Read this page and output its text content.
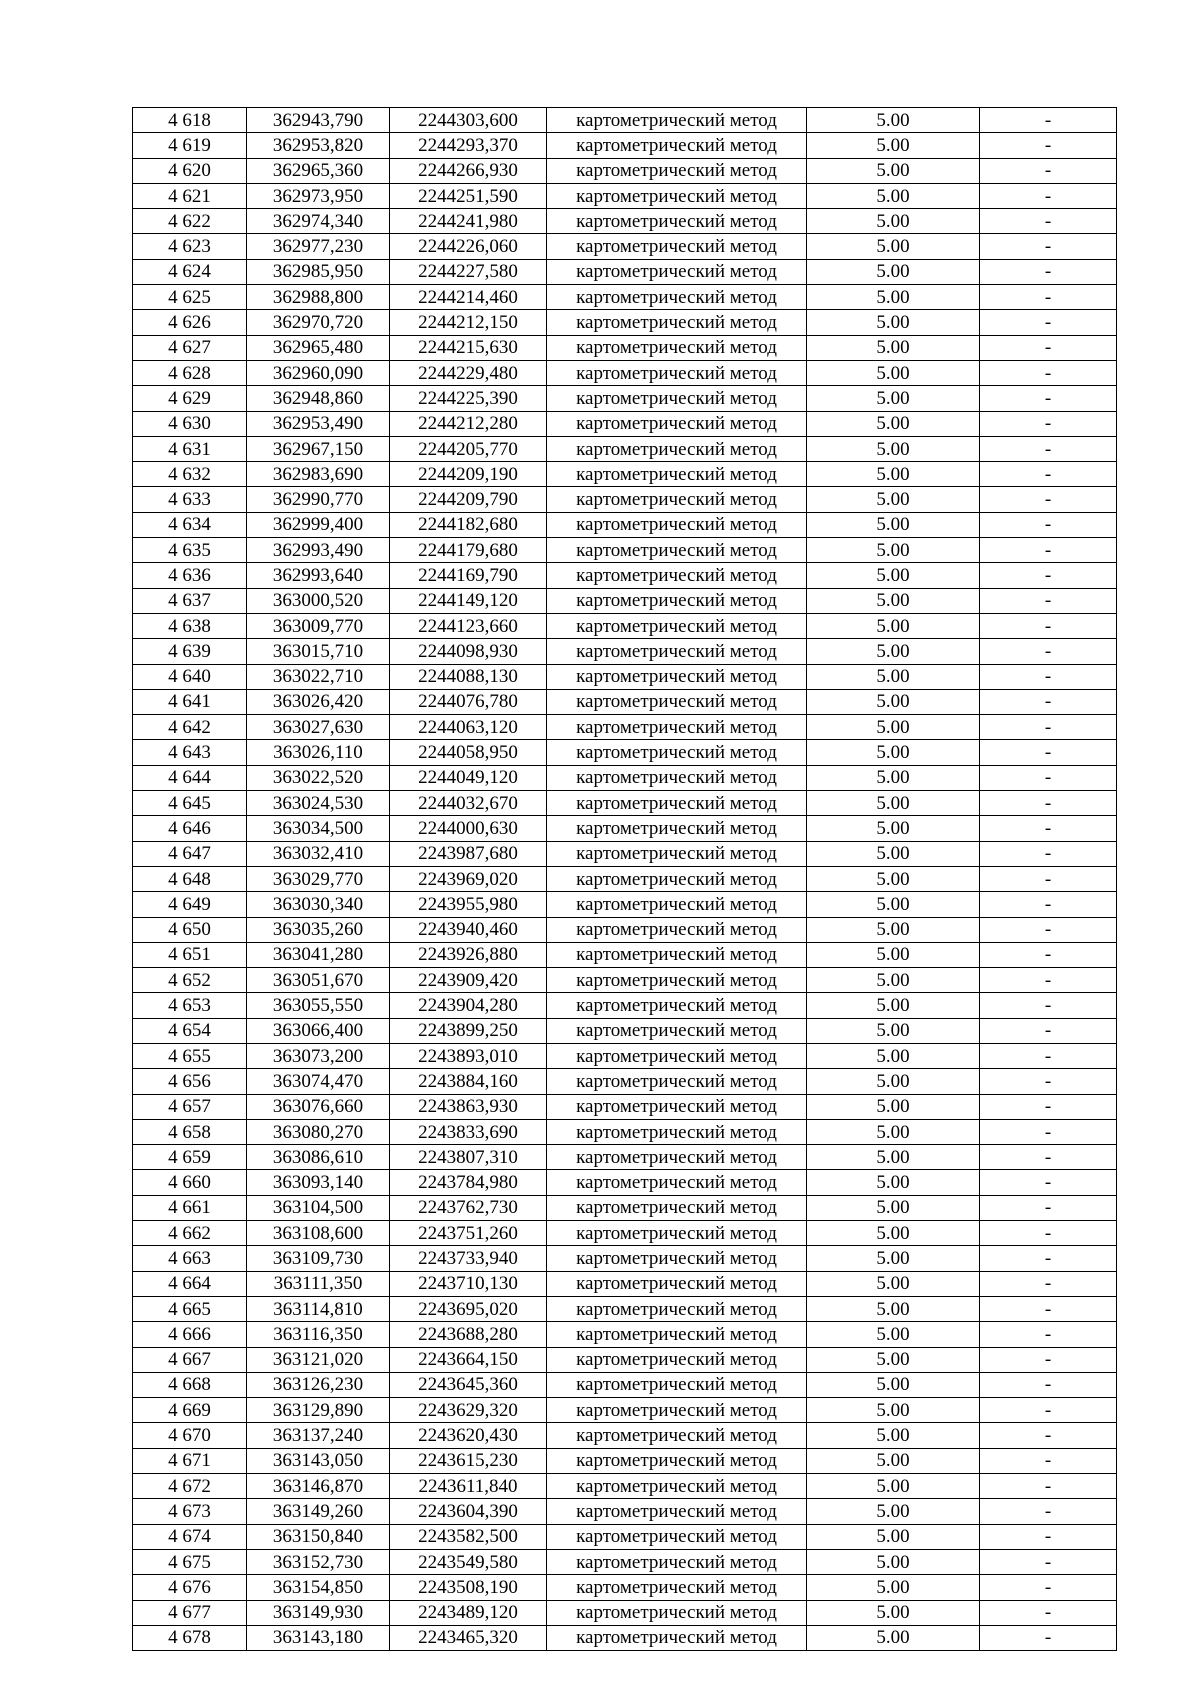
4 618	362943,790	2244303,600	картометрический метод	5.00	-
4 619	362953,820	2244293,370	картометрический метод	5.00	-
4 620	362965,360	2244266,930	картометрический метод	5.00	-
4 621	362973,950	2244251,590	картометрический метод	5.00	-
4 622	362974,340	2244241,980	картометрический метод	5.00	-
4 623	362977,230	2244226,060	картометрический метод	5.00	-
4 624	362985,950	2244227,580	картометрический метод	5.00	-
4 625	362988,800	2244214,460	картометрический метод	5.00	-
4 626	362970,720	2244212,150	картометрический метод	5.00	-
4 627	362965,480	2244215,630	картометрический метод	5.00	-
4 628	362960,090	2244229,480	картометрический метод	5.00	-
4 629	362948,860	2244225,390	картометрический метод	5.00	-
4 630	362953,490	2244212,280	картометрический метод	5.00	-
4 631	362967,150	2244205,770	картометрический метод	5.00	-
4 632	362983,690	2244209,190	картометрический метод	5.00	-
4 633	362990,770	2244209,790	картометрический метод	5.00	-
4 634	362999,400	2244182,680	картометрический метод	5.00	-
4 635	362993,490	2244179,680	картометрический метод	5.00	-
4 636	362993,640	2244169,790	картометрический метод	5.00	-
4 637	363000,520	2244149,120	картометрический метод	5.00	-
4 638	363009,770	2244123,660	картометрический метод	5.00	-
4 639	363015,710	2244098,930	картометрический метод	5.00	-
4 640	363022,710	2244088,130	картометрический метод	5.00	-
4 641	363026,420	2244076,780	картометрический метод	5.00	-
4 642	363027,630	2244063,120	картометрический метод	5.00	-
4 643	363026,110	2244058,950	картометрический метод	5.00	-
4 644	363022,520	2244049,120	картометрический метод	5.00	-
4 645	363024,530	2244032,670	картометрический метод	5.00	-
4 646	363034,500	2244000,630	картометрический метод	5.00	-
4 647	363032,410	2243987,680	картометрический метод	5.00	-
4 648	363029,770	2243969,020	картометрический метод	5.00	-
4 649	363030,340	2243955,980	картометрический метод	5.00	-
4 650	363035,260	2243940,460	картометрический метод	5.00	-
4 651	363041,280	2243926,880	картометрический метод	5.00	-
4 652	363051,670	2243909,420	картометрический метод	5.00	-
4 653	363055,550	2243904,280	картометрический метод	5.00	-
4 654	363066,400	2243899,250	картометрический метод	5.00	-
4 655	363073,200	2243893,010	картометрический метод	5.00	-
4 656	363074,470	2243884,160	картометрический метод	5.00	-
4 657	363076,660	2243863,930	картометрический метод	5.00	-
4 658	363080,270	2243833,690	картометрический метод	5.00	-
4 659	363086,610	2243807,310	картометрический метод	5.00	-
4 660	363093,140	2243784,980	картометрический метод	5.00	-
4 661	363104,500	2243762,730	картометрический метод	5.00	-
4 662	363108,600	2243751,260	картометрический метод	5.00	-
4 663	363109,730	2243733,940	картометрический метод	5.00	-
4 664	363111,350	2243710,130	картометрический метод	5.00	-
4 665	363114,810	2243695,020	картометрический метод	5.00	-
4 666	363116,350	2243688,280	картометрический метод	5.00	-
4 667	363121,020	2243664,150	картометрический метод	5.00	-
4 668	363126,230	2243645,360	картометрический метод	5.00	-
4 669	363129,890	2243629,320	картометрический метод	5.00	-
4 670	363137,240	2243620,430	картометрический метод	5.00	-
4 671	363143,050	2243615,230	картометрический метод	5.00	-
4 672	363146,870	2243611,840	картометрический метод	5.00	-
4 673	363149,260	2243604,390	картометрический метод	5.00	-
4 674	363150,840	2243582,500	картометрический метод	5.00	-
4 675	363152,730	2243549,580	картометрический метод	5.00	-
4 676	363154,850	2243508,190	картометрический метод	5.00	-
4 677	363149,930	2243489,120	картометрический метод	5.00	-
4 678	363143,180	2243465,320	картометрический метод	5.00	-
